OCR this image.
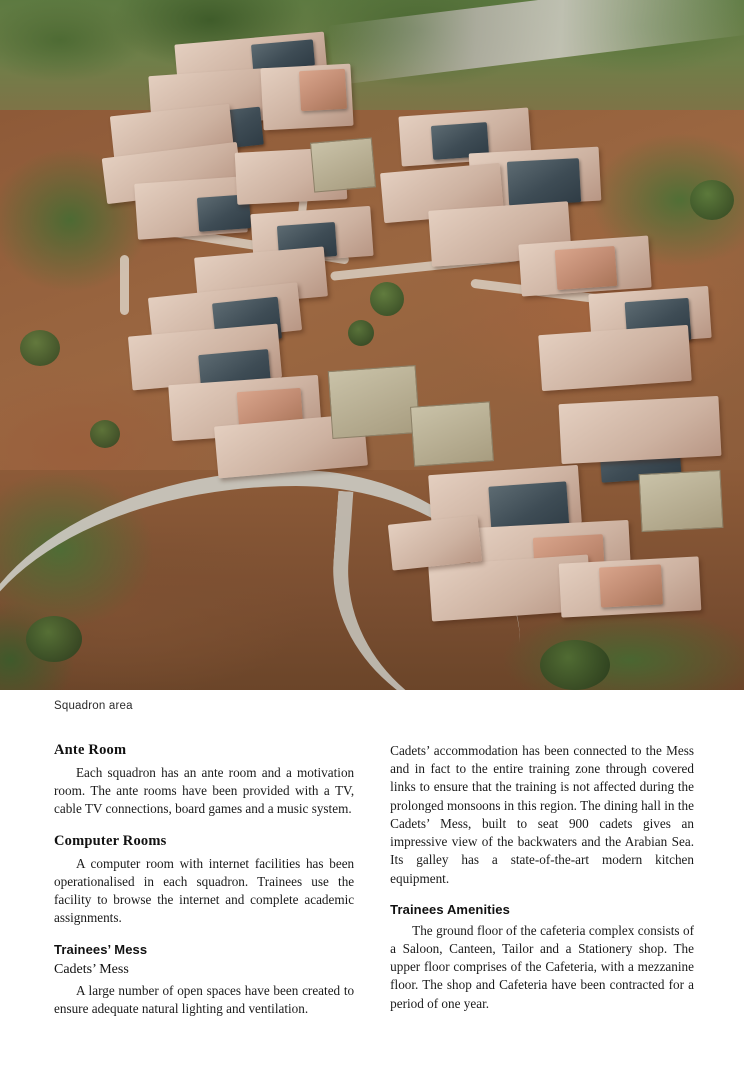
Squadron area
Ante Room

Each squadron has an ante room and a motivation room. The ante rooms have been provided with a TV, cable TV connections, board games and a music system.

Computer Rooms

A computer room with internet facilities has been operationalised in each squadron. Trainees use the facility to browse the internet and complete academic assignments.

Trainees’ Mess
Cadets’ Mess

A large number of open spaces have been created to ensure adequate natural lighting and ventilation.

Cadets’ accommodation has been connected to the Mess and in fact to the entire training zone through covered links to ensure that the training is not affected during the prolonged monsoons in this region. The dining hall in the Cadets’ Mess, built to seat 900 cadets gives an impressive view of the backwaters and the Arabian Sea. Its galley has a state-of-the-art modern kitchen equipment.

Trainees Amenities

The ground floor of the cafeteria complex consists of a Saloon, Canteen, Tailor and a Stationery shop. The upper floor comprises of the Cafeteria, with a mezzanine floor. The shop and Cafeteria have been contracted for a period of one year.
